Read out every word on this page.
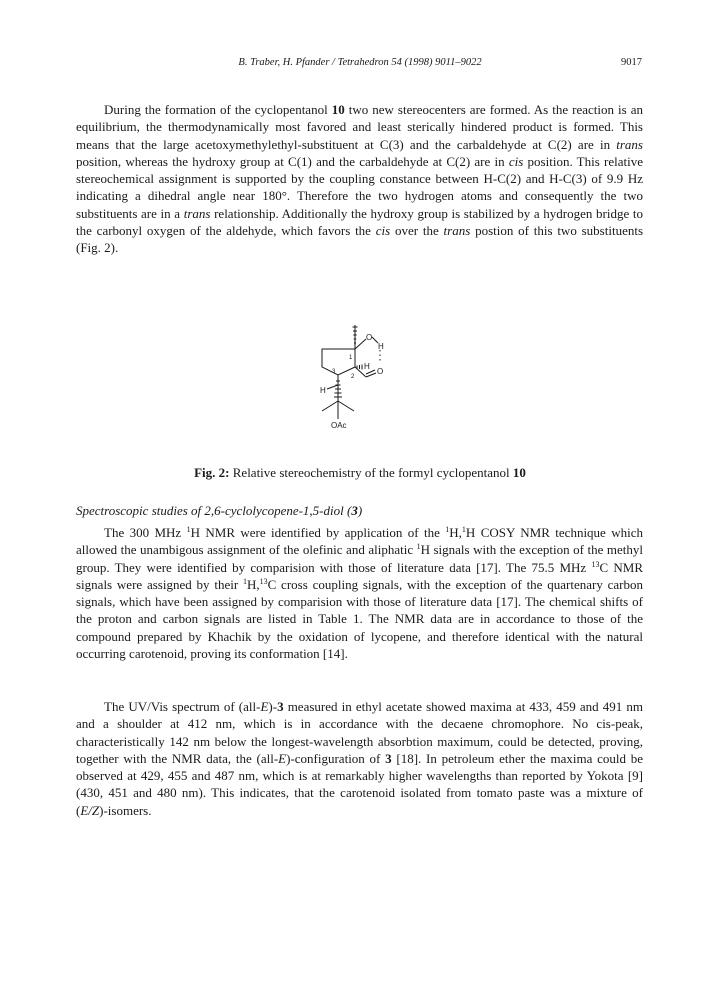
B. Traber, H. Pfander / Tetrahedron 54 (1998) 9011–9022	9017

During the formation of the cyclopentanol 10 two new stereocenters are formed. As the reaction is an equilibrium, the thermodynamically most favored and least sterically hindered product is formed. This means that the large acetoxymethylethyl-substituent at C(3) and the carbaldehyde at C(2) are in trans position, whereas the hydroxy group at C(1) and the carbaldehyde at C(2) are in cis position. This relative stereochemical assignment is supported by the coupling constance between H-C(2) and H-C(3) of 9.9 Hz indicating a dihedral angle near 180°. Therefore the two hydrogen atoms and consequently the two substituents are in a trans relationship. Additionally the hydroxy group is stabilized by a hydrogen bridge to the carbonyl oxygen of the aldehyde, which favors the cis over the trans postion of this two substituents (Fig. 2).

O
H
H
O
H
1
2
3
OAc
Fig. 2: Relative stereochemistry of the formyl cyclopentanol 10
Spectroscopic studies of 2,6-cyclolycopene-1,5-diol (3)

The 300 MHz $^1$H NMR were identified by application of the $^1$H,$^1$H COSY NMR technique which allowed the unambigous assignment of the olefinic and aliphatic $^1$H signals with the exception of the methyl group. They were identified by comparision with those of literature data [17]. The 75.5 MHz $^{13}$C NMR signals were assigned by their $^1$H,$^{13}$C cross coupling signals, with the exception of the quartenary carbon signals, which have been assigned by comparision with those of literature data [17]. The chemical shifts of the proton and carbon signals are listed in Table 1. The NMR data are in accordance to those of the compound prepared by Khachik by the oxidation of lycopene, and therefore identical with the natural occurring carotenoid, proving its conformation [14].

The UV/Vis spectrum of (all-E)-3 measured in ethyl acetate showed maxima at 433, 459 and 491 nm and a shoulder at 412 nm, which is in accordance with the decaene chromophore. No cis-peak, characteristically 142 nm below the longest-wavelength absorbtion maximum, could be detected, proving, together with the NMR data, the (all-E)-configuration of 3 [18]. In petroleum ether the maxima could be observed at 429, 455 and 487 nm, which is at remarkably higher wavelengths than reported by Yokota [9] (430, 451 and 480 nm). This indicates, that the carotenoid isolated from tomato paste was a mixture of (E/Z)-isomers.
